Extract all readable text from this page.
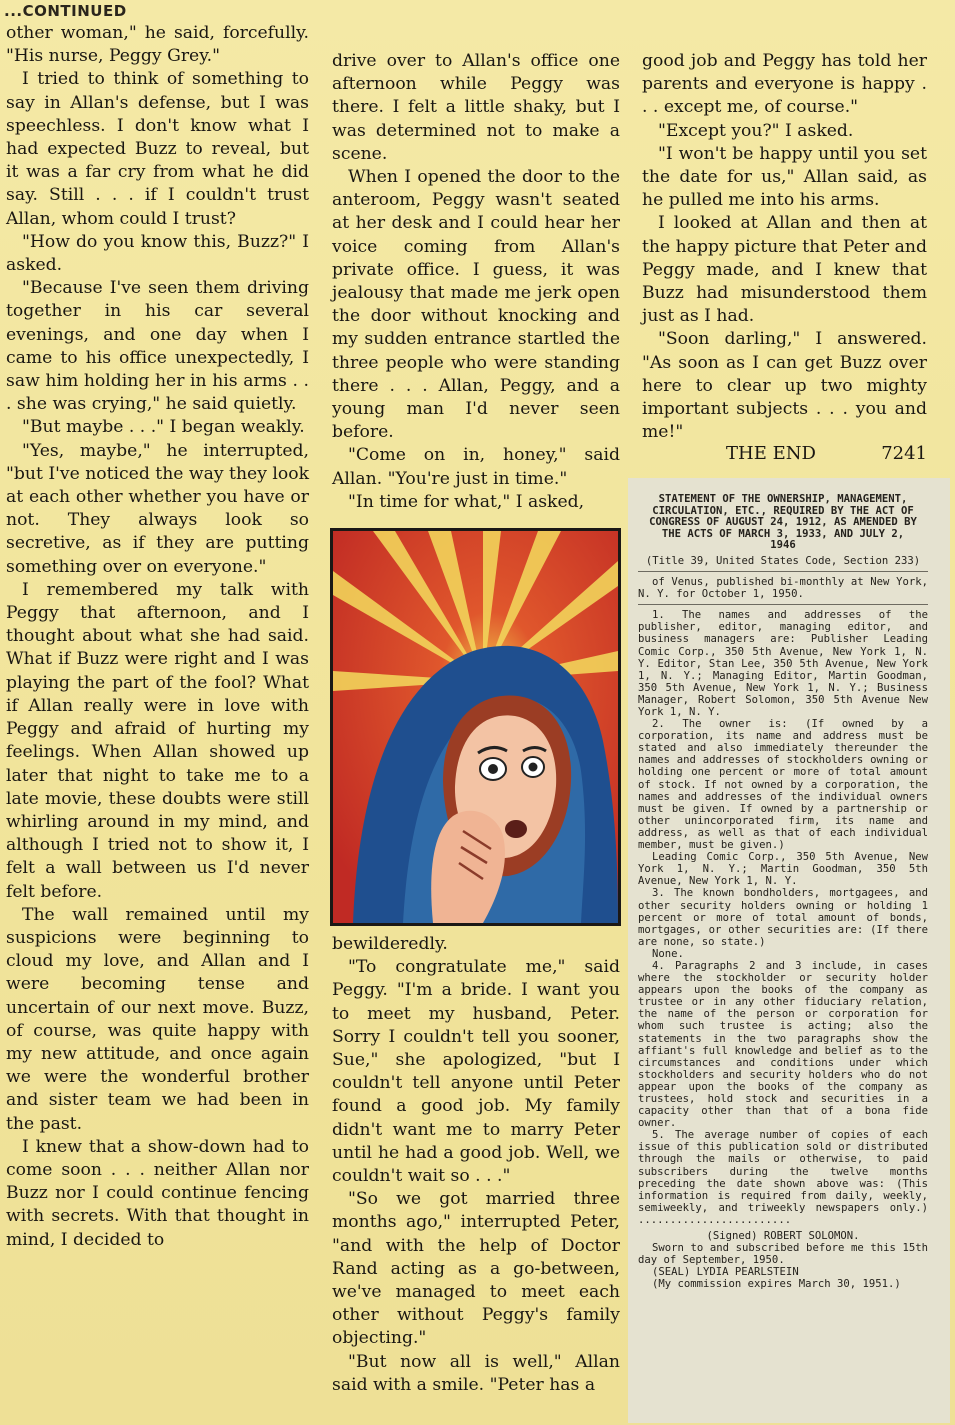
...CONTINUED

other woman," he said, forcefully. "His nurse, Peggy Grey."

I tried to think of something to say in Allan's defense, but I was speechless. I don't know what I had expected Buzz to reveal, but it was a far cry from what he did say. Still . . . if I couldn't trust Allan, whom could I trust?

"How do you know this, Buzz?" I asked.

"Because I've seen them driving together in his car several evenings, and one day when I came to his office unexpectedly, I saw him holding her in his arms . . . she was crying," he said quietly.

"But maybe . . ." I began weakly.

"Yes, maybe," he interrupted, "but I've noticed the way they look at each other whether you have or not. They always look so secretive, as if they are putting something over on everyone."

I remembered my talk with Peggy that afternoon, and I thought about what she had said. What if Buzz were right and I was playing the part of the fool? What if Allan really were in love with Peggy and afraid of hurting my feelings. When Allan showed up later that night to take me to a late movie, these doubts were still whirling around in my mind, and although I tried not to show it, I felt a wall between us I'd never felt before.

The wall remained until my suspicions were beginning to cloud my love, and Allan and I were becoming tense and uncertain of our next move. Buzz, of course, was quite happy with my new attitude, and once again we were the wonderful brother and sister team we had been in the past.

I knew that a show-down had to come soon . . . neither Allan nor Buzz nor I could continue fencing with secrets. With that thought in mind, I decided to

drive over to Allan's office one afternoon while Peggy was there. I felt a little shaky, but I was determined not to make a scene.

When I opened the door to the anteroom, Peggy wasn't seated at her desk and I could hear her voice coming from Allan's private office. I guess, it was jealousy that made me jerk open the door without knocking and my sudden entrance startled the three people who were standing there . . . Allan, Peggy, and a young man I'd never seen before.

"Come on in, honey," said Allan. "You're just in time."

"In time for what," I asked,

bewilderedly.

"To congratulate me," said Peggy. "I'm a bride. I want you to meet my husband, Peter. Sorry I couldn't tell you sooner, Sue," she apologized, "but I couldn't tell anyone until Peter found a good job. My family didn't want me to marry Peter until he had a good job. Well, we couldn't wait so . . ."

"So we got married three months ago," interrupted Peter, "and with the help of Doctor Rand acting as a go-between, we've managed to meet each other without Peggy's family objecting."

"But now all is well," Allan said with a smile. "Peter has a

good job and Peggy has told her parents and everyone is happy . . . except me, of course."

"Except you?" I asked.

"I won't be happy until you set the date for us," Allan said, as he pulled me into his arms.

I looked at Allan and then at the happy picture that Peter and Peggy made, and I knew that Buzz had misunderstood them just as I had.

"Soon darling," I answered. "As soon as I can get Buzz over here to clear up two mighty important subjects . . . you and me!"

THE END	7241
STATEMENT OF THE OWNERSHIP, MANAGEMENT, CIRCULATION, ETC., REQUIRED BY THE ACT OF CONGRESS OF AUGUST 24, 1912, AS AMENDED BY THE ACTS OF MARCH 3, 1933, AND JULY 2, 1946
(Title 39, United States Code, Section 233)

of Venus, published bi-monthly at New York, N. Y. for October 1, 1950.

1. The names and addresses of the publisher, editor, managing editor, and business managers are: Publisher Leading Comic Corp., 350 5th Avenue, New York 1, N. Y. Editor, Stan Lee, 350 5th Avenue, New York 1, N. Y.; Managing Editor, Martin Goodman, 350 5th Avenue, New York 1, N. Y.; Business Manager, Robert Solomon, 350 5th Avenue New York 1, N. Y.

2. The owner is: (If owned by a corporation, its name and address must be stated and also immediately thereunder the names and addresses of stockholders owning or holding one percent or more of total amount of stock. If not owned by a corporation, the names and addresses of the individual owners must be given. If owned by a partnership or other unincorporated firm, its name and address, as well as that of each individual member, must be given.)

Leading Comic Corp., 350 5th Avenue, New York 1, N. Y.; Martin Goodman, 350 5th Avenue, New York 1, N. Y.

3. The known bondholders, mortgagees, and other security holders owning or holding 1 percent or more of total amount of bonds, mortgages, or other securities are: (If there are none, so state.)

None.

4. Paragraphs 2 and 3 include, in cases where the stockholder or security holder appears upon the books of the company as trustee or in any other fiduciary relation, the name of the person or corporation for whom such trustee is acting; also the statements in the two paragraphs show the affiant's full knowledge and belief as to the circumstances and conditions under which stockholders and security holders who do not appear upon the books of the company as trustees, hold stock and securities in a capacity other than that of a bona fide owner.

5. The average number of copies of each issue of this publication sold or distributed through the mails or otherwise, to paid subscribers during the twelve months preceding the date shown above was: (This information is required from daily, weekly, semiweekly, and triweekly newspapers only.) ........................

(Signed) ROBERT SOLOMON.

Sworn to and subscribed before me this 15th day of September, 1950.

(SEAL) LYDIA PEARLSTEIN

(My commission expires March 30, 1951.)
